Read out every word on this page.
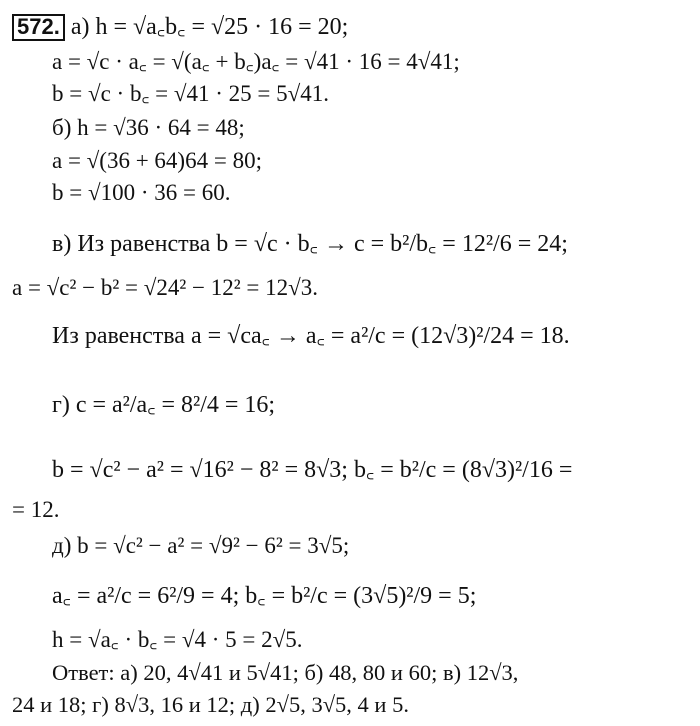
572. а) h = √a꜀b꜀ = √25 · 16 = 20;
a = √c · a꜀ = √(a꜀ + b꜀)a꜀ = √41 · 16 = 4√41;
b = √c · b꜀ = √41 · 25 = 5√41.
б) h = √36 · 64 = 48;
a = √(36 + 64)64 = 80;
b = √100 · 36 = 60.
в) Из равенства b = √c · b꜀ → c = b²/b꜀ = 12²/6 = 24;
a = √c² − b² = √24² − 12² = 12√3.
Из равенства a = √ca꜀ → a꜀ = a²/c = (12√3)²/24 = 18.
г) c = a²/a꜀ = 8²/4 = 16;
b = √c² − a² = √16² − 8² = 8√3; b꜀ = b²/c = (8√3)²/16 =
= 12.
д) b = √c² − a² = √9² − 6² = 3√5;
a꜀ = a²/c = 6²/9 = 4; b꜀ = b²/c = (3√5)²/9 = 5;
h = √a꜀ · b꜀ = √4 · 5 = 2√5.
Ответ: а) 20, 4√41 и 5√41; б) 48, 80 и 60; в) 12√3,
24 и 18; г) 8√3, 16 и 12; д) 2√5, 3√5, 4 и 5.
